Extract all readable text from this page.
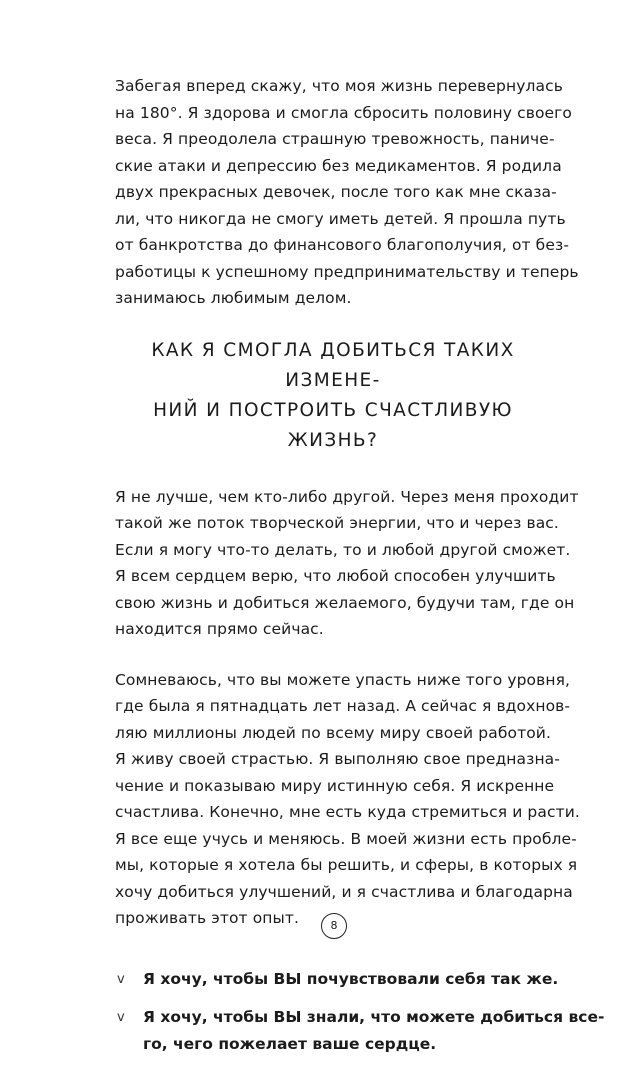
Забегая вперед скажу, что моя жизнь перевернулась
на 180°. Я здорова и смогла сбросить половину своего
веса. Я преодолела страшную тревожность, паниче-
ские атаки и депрессию без медикаментов. Я родила
двух прекрасных девочек, после того как мне сказа-
ли, что никогда не смогу иметь детей. Я прошла путь
от банкротства до финансового благополучия, от без-
работицы к успешному предпринимательству и теперь
занимаюсь любимым делом.

КАК Я СМОГЛА ДОБИТЬСЯ ТАКИХ ИЗМЕНЕ-
НИЙ И ПОСТРОИТЬ СЧАСТЛИВУЮ ЖИЗНЬ?

Я не лучше, чем кто-либо другой. Через меня проходит
такой же поток творческой энергии, что и через вас.
Если я могу что-то делать, то и любой другой сможет.
Я всем сердцем верю, что любой способен улучшить
свою жизнь и добиться желаемого, будучи там, где он
находится прямо сейчас.

Сомневаюсь, что вы можете упасть ниже того уровня,
где была я пятнадцать лет назад. А сейчас я вдохнов-
ляю миллионы людей по всему миру своей работой.
Я живу своей страстью. Я выполняю свое предназна-
чение и показываю миру истинную себя. Я искренне
счастлива. Конечно, мне есть куда стремиться и расти.
Я все еще учусь и меняюсь. В моей жизни есть пробле-
мы, которые я хотела бы решить, и сферы, в которых я
хочу добиться улучшений, и я счастлива и благодарна
проживать этот опыт.

v Я хочу, чтобы ВЫ почувствовали себя так же.
v Я хочу, чтобы ВЫ знали, что можете добиться все-
го, чего пожелает ваше сердце.
8
